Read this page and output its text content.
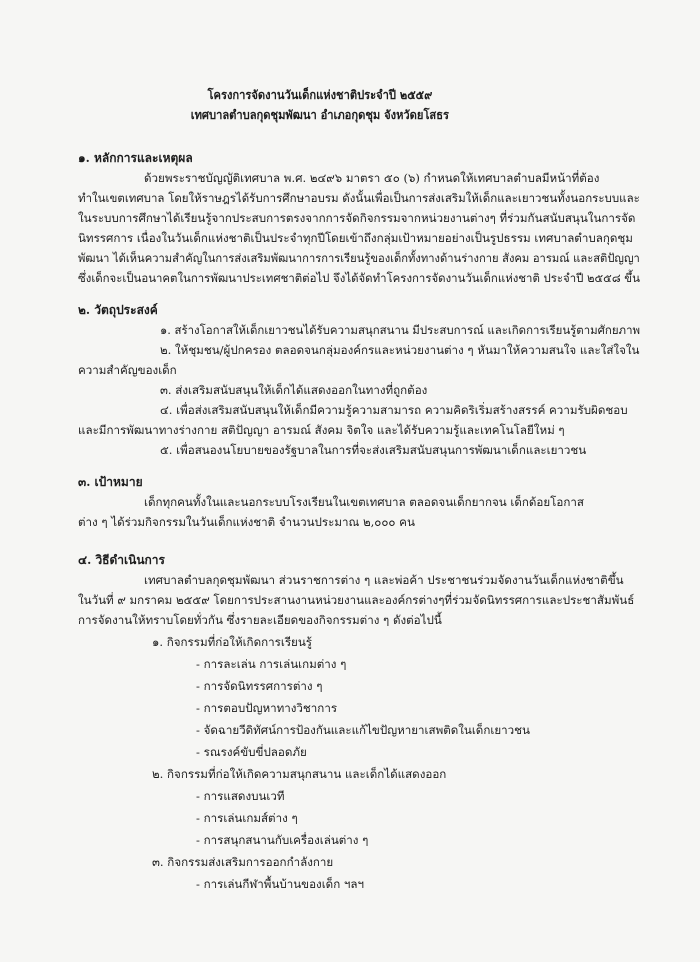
โครงการจัดงานวันเด็กแห่งชาติประจำปี ๒๕๕๙
เทศบาลตำบลกุดชุมพัฒนา อำเภอกุดชุม จังหวัดยโสธร
๑. หลักการและเหตุผล
ด้วยพระราชบัญญัติเทศบาล พ.ศ. ๒๔๙๖ มาตรา ๕๐ (๖) กำหนดให้เทศบาลตำบลมีหน้าที่ต้อง
ทำในเขตเทศบาล โดยให้ราษฎรได้รับการศึกษาอบรม ดังนั้นเพื่อเป็นการส่งเสริมให้เด็กและเยาวชนทั้งนอกระบบและ
ในระบบการศึกษาได้เรียนรู้จากประสบการตรงจากการจัดกิจกรรมจากหน่วยงานต่างๆ ที่ร่วมกันสนับสนุนในการจัด
นิทรรศการ เนื่องในวันเด็กแห่งชาติเป็นประจำทุกปีโดยเข้าถึงกลุ่มเป้าหมายอย่างเป็นรูปธรรม เทศบาลตำบลกุดชุม
พัฒนา ได้เห็นความสำคัญในการส่งเสริมพัฒนาการการเรียนรู้ของเด็กทั้งทางด้านร่างกาย สังคม อารมณ์ และสติปัญญา
ซึ่งเด็กจะเป็นอนาคตในการพัฒนาประเทศชาติต่อไป จึงได้จัดทำโครงการจัดงานวันเด็กแห่งชาติ ประจำปี ๒๕๕๘ ขึ้น
๒. วัตถุประสงค์
๑. สร้างโอกาสให้เด็กเยาวชนได้รับความสนุกสนาน มีประสบการณ์ และเกิดการเรียนรู้ตามศักยภาพ
๒. ให้ชุมชน/ผู้ปกครอง ตลอดจนกลุ่มองค์กรและหน่วยงานต่าง ๆ หันมาให้ความสนใจ และใส่ใจใน
ความสำคัญของเด็ก
๓. ส่งเสริมสนับสนุนให้เด็กได้แสดงออกในทางที่ถูกต้อง
๔. เพื่อส่งเสริมสนับสนุนให้เด็กมีความรู้ความสามารถ ความคิดริเริ่มสร้างสรรค์ ความรับผิดชอบ
และมีการพัฒนาทางร่างกาย สติปัญญา อารมณ์ สังคม จิตใจ และได้รับความรู้และเทคโนโลยีใหม่ ๆ
๕. เพื่อสนองนโยบายของรัฐบาลในการที่จะส่งเสริมสนับสนุนการพัฒนาเด็กและเยาวชน
๓. เป้าหมาย
เด็กทุกคนทั้งในและนอกระบบโรงเรียนในเขตเทศบาล ตลอดจนเด็กยากจน เด็กด้อยโอกาส
ต่าง ๆ ได้ร่วมกิจกรรมในวันเด็กแห่งชาติ จำนวนประมาณ ๒,๐๐๐ คน
๔. วิธีดำเนินการ
เทศบาลตำบลกุดชุมพัฒนา ส่วนราชการต่าง ๆ และพ่อค้า ประชาชนร่วมจัดงานวันเด็กแห่งชาติขึ้น
ในวันที่ ๙ มกราคม ๒๕๕๙ โดยการประสานงานหน่วยงานและองค์กรต่างๆที่ร่วมจัดนิทรรศการและประชาสัมพันธ์
การจัดงานให้ทราบโดยทั่วกัน ซึ่งรายละเอียดของกิจกรรมต่าง ๆ ดังต่อไปนี้
๑. กิจกรรมที่ก่อให้เกิดการเรียนรู้
- การละเล่น การเล่นเกมต่าง ๆ
- การจัดนิทรรศการต่าง ๆ
- การตอบปัญหาทางวิชาการ
- จัดฉายวีดิทัศน์การป้องกันและแก้ไขปัญหายาเสพติดในเด็กเยาวชน
- รณรงค์ขับขี่ปลอดภัย
๒. กิจกรรมที่ก่อให้เกิดความสนุกสนาน และเด็กได้แสดงออก
- การแสดงบนเวที
- การเล่นเกมส์ต่าง ๆ
- การสนุกสนานกับเครื่องเล่นต่าง ๆ
๓. กิจกรรมส่งเสริมการออกกำลังกาย
- การเล่นกีฬาพื้นบ้านของเด็ก ฯลฯ
